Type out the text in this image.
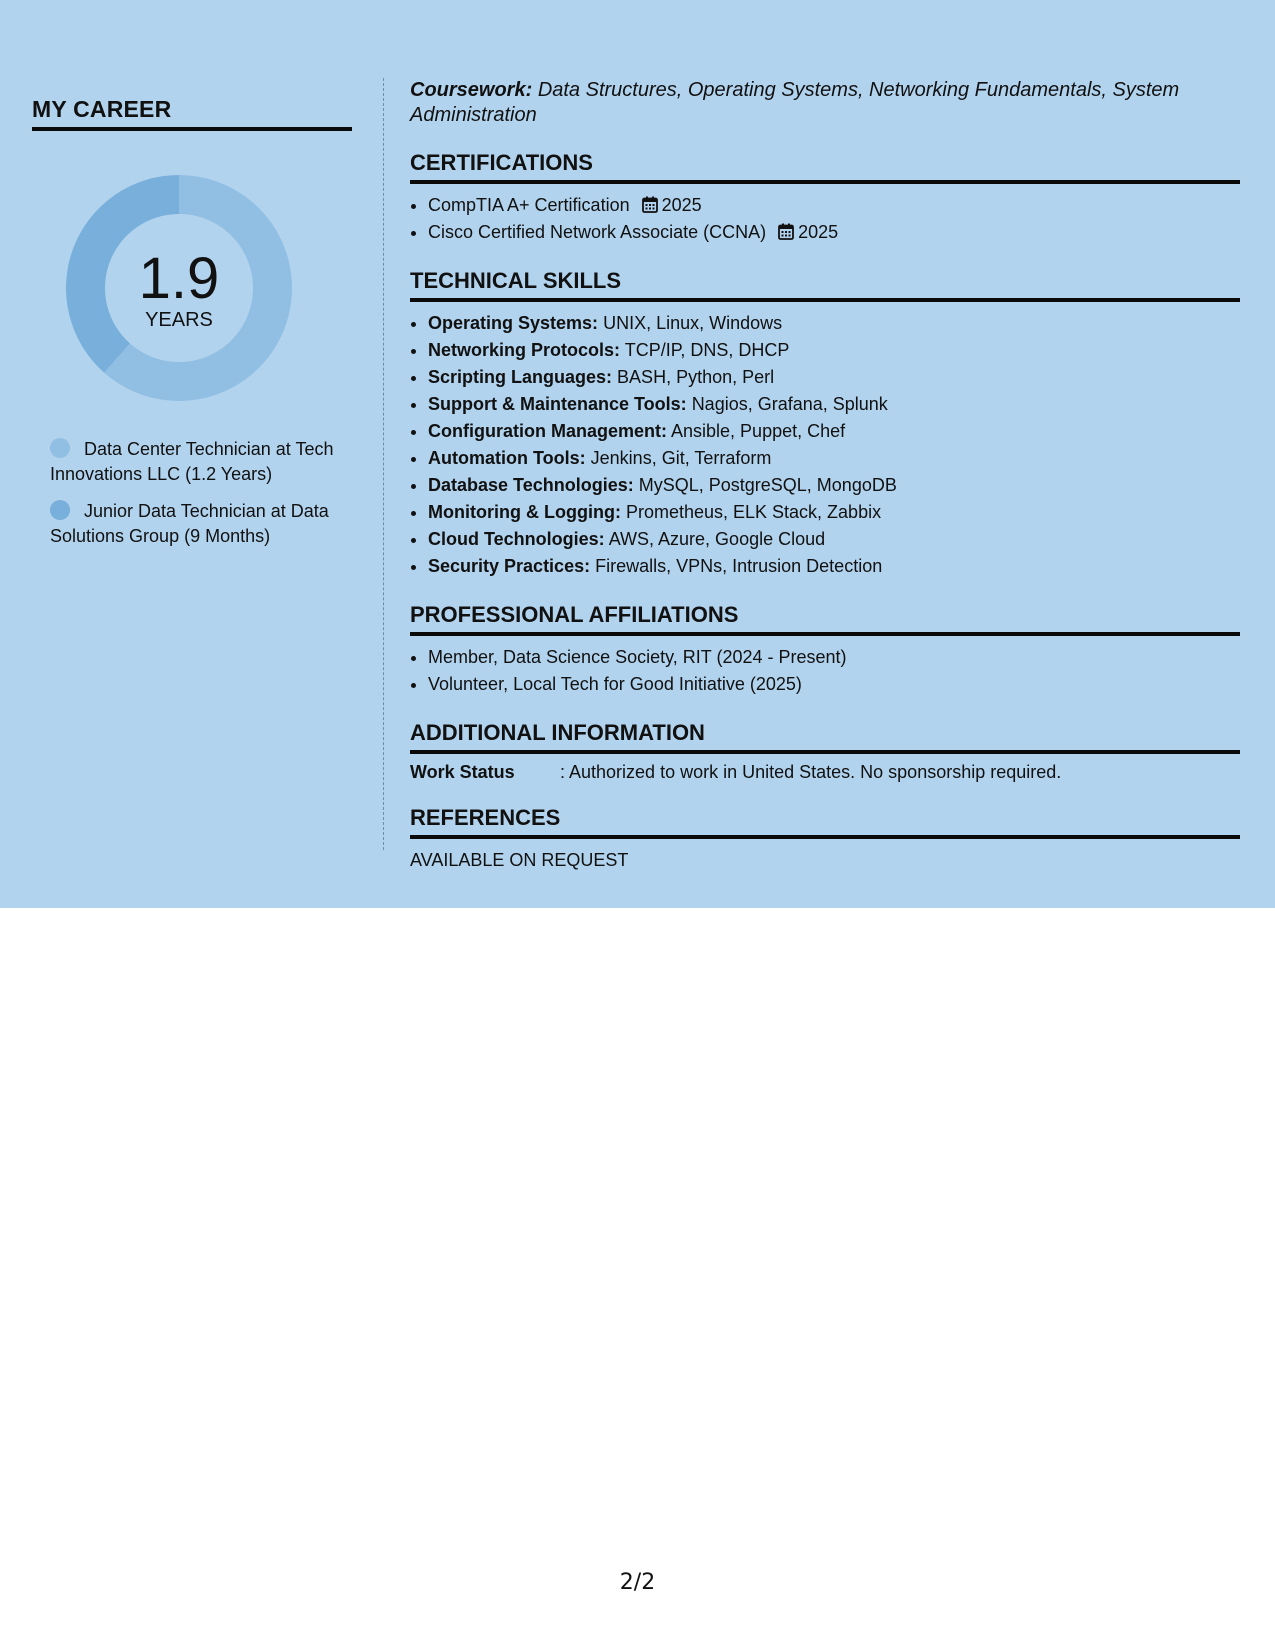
MY CAREER
1.9
YEARS
Data Center Technician at Tech Innovations LLC (1.2 Years)
Junior Data Technician at Data Solutions Group (9 Months)

Coursework: Data Structures, Operating Systems, Networking Fundamentals, System Administration

CERTIFICATIONS
• CompTIA A+ Certification 2025
• Cisco Certified Network Associate (CCNA) 2025
TECHNICAL SKILLS
• Operating Systems: UNIX, Linux, Windows
• Networking Protocols: TCP/IP, DNS, DHCP
• Scripting Languages: BASH, Python, Perl
• Support & Maintenance Tools: Nagios, Grafana, Splunk
• Configuration Management: Ansible, Puppet, Chef
• Automation Tools: Jenkins, Git, Terraform
• Database Technologies: MySQL, PostgreSQL, MongoDB
• Monitoring & Logging: Prometheus, ELK Stack, Zabbix
• Cloud Technologies: AWS, Azure, Google Cloud
• Security Practices: Firewalls, VPNs, Intrusion Detection
PROFESSIONAL AFFILIATIONS
• Member, Data Science Society, RIT (2024 - Present)
• Volunteer, Local Tech for Good Initiative (2025)
ADDITIONAL INFORMATION
Work Status	: Authorized to work in United States. No sponsorship required.
REFERENCES
AVAILABLE ON REQUEST
2/2
